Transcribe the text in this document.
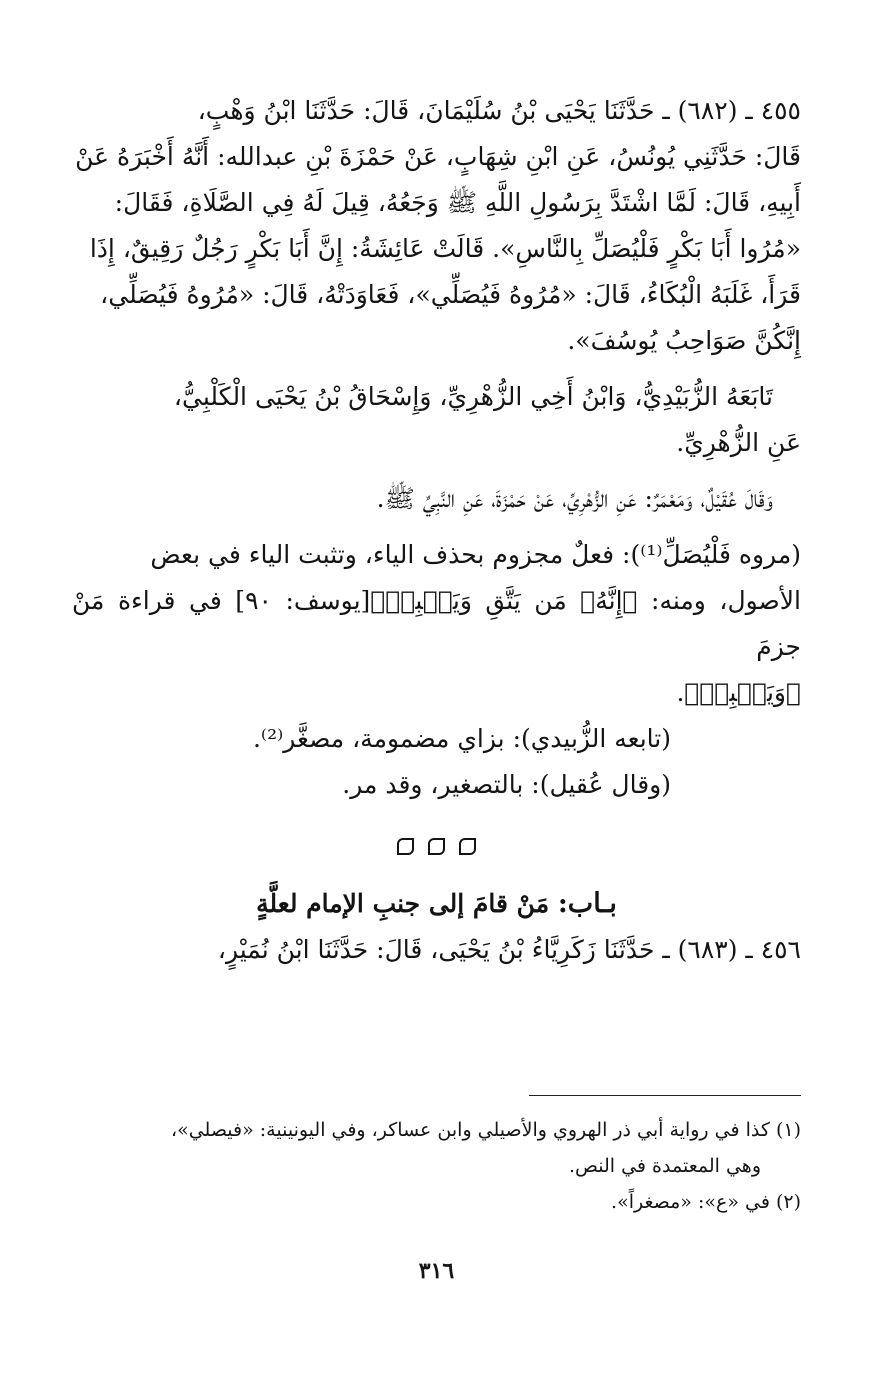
٤٥٥ ـ (٦٨٢) ـ حَدَّثَنَا يَحْيَى بْنُ سُلَيْمَانَ، قَالَ: حَدَّثَنَا ابْنُ وَهْبٍ،

قَالَ: حَدَّثَنِي يُونُسُ، عَنِ ابْنِ شِهَابٍ، عَنْ حَمْزَةَ بْنِ عبدالله: أَنَّهُ أَخْبَرَهُ عَنْ

أَبِيهِ، قَالَ: لَمَّا اشْتَدَّ بِرَسُولِ اللَّهِ ﷺ وَجَعُهُ، قِيلَ لَهُ فِي الصَّلَاةِ، فَقَالَ:

«مُرُوا أَبَا بَكْرٍ فَلْيُصَلِّ بِالنَّاسِ». قَالَتْ عَائِشَةُ: إِنَّ أَبَا بَكْرٍ رَجُلٌ رَقِيقٌ، إِذَا

قَرَأَ، غَلَبَهُ الْبُكَاءُ، قَالَ: «مُرُوهُ فَيُصَلِّي»، فَعَاوَدَتْهُ، قَالَ: «مُرُوهُ فَيُصَلِّي،

إِنَّكُنَّ صَوَاحِبُ يُوسُفَ».

تَابَعَهُ الزُّبَيْدِيُّ، وَابْنُ أَخِي الزُّهْرِيِّ، وَإِسْحَاقُ بْنُ يَحْيَى الْكَلْبِيُّ،

عَنِ الزُّهْرِيِّ.

وَقَالَ عُقَيْلٌ، وَمَعْمَرٌ: عَنِ الزُّهْرِيِّ، عَنْ حَمْزَةَ، عَنِ النَّبِيِّ ﷺ.

(مروه فَلْيُصَلِّ⁽¹⁾): فعلٌ مجزوم بحذف الياء، وتثبت الياء في بعض

الأصول، ومنه: ﴿إِنَّهُۥ مَن يَتَّقِ وَيَصۡبِرۡ﴾[يوسف: ٩٠] في قراءة مَنْ جزمَ

﴿وَيَصۡبِرۡ﴾.

(تابعه الزُّبيدي): بزاي مضمومة، مصغَّر⁽²⁾.

(وقال عُقيل): بالتصغير، وقد مر.

بـاب: مَنْ قامَ إلى جنبِ الإمام لعلَّةٍ

٤٥٦ ـ (٦٨٣) ـ حَدَّثَنَا زَكَرِيَّاءُ بْنُ يَحْيَى، قَالَ: حَدَّثَنَا ابْنُ نُمَيْرٍ،

(١) كذا في رواية أبي ذر الهروي والأصيلي وابن عساكر، وفي اليونينية: «فيصلي»،

وهي المعتمدة في النص.

(٢) في «ع»: «مصغراً».

٣١٦
